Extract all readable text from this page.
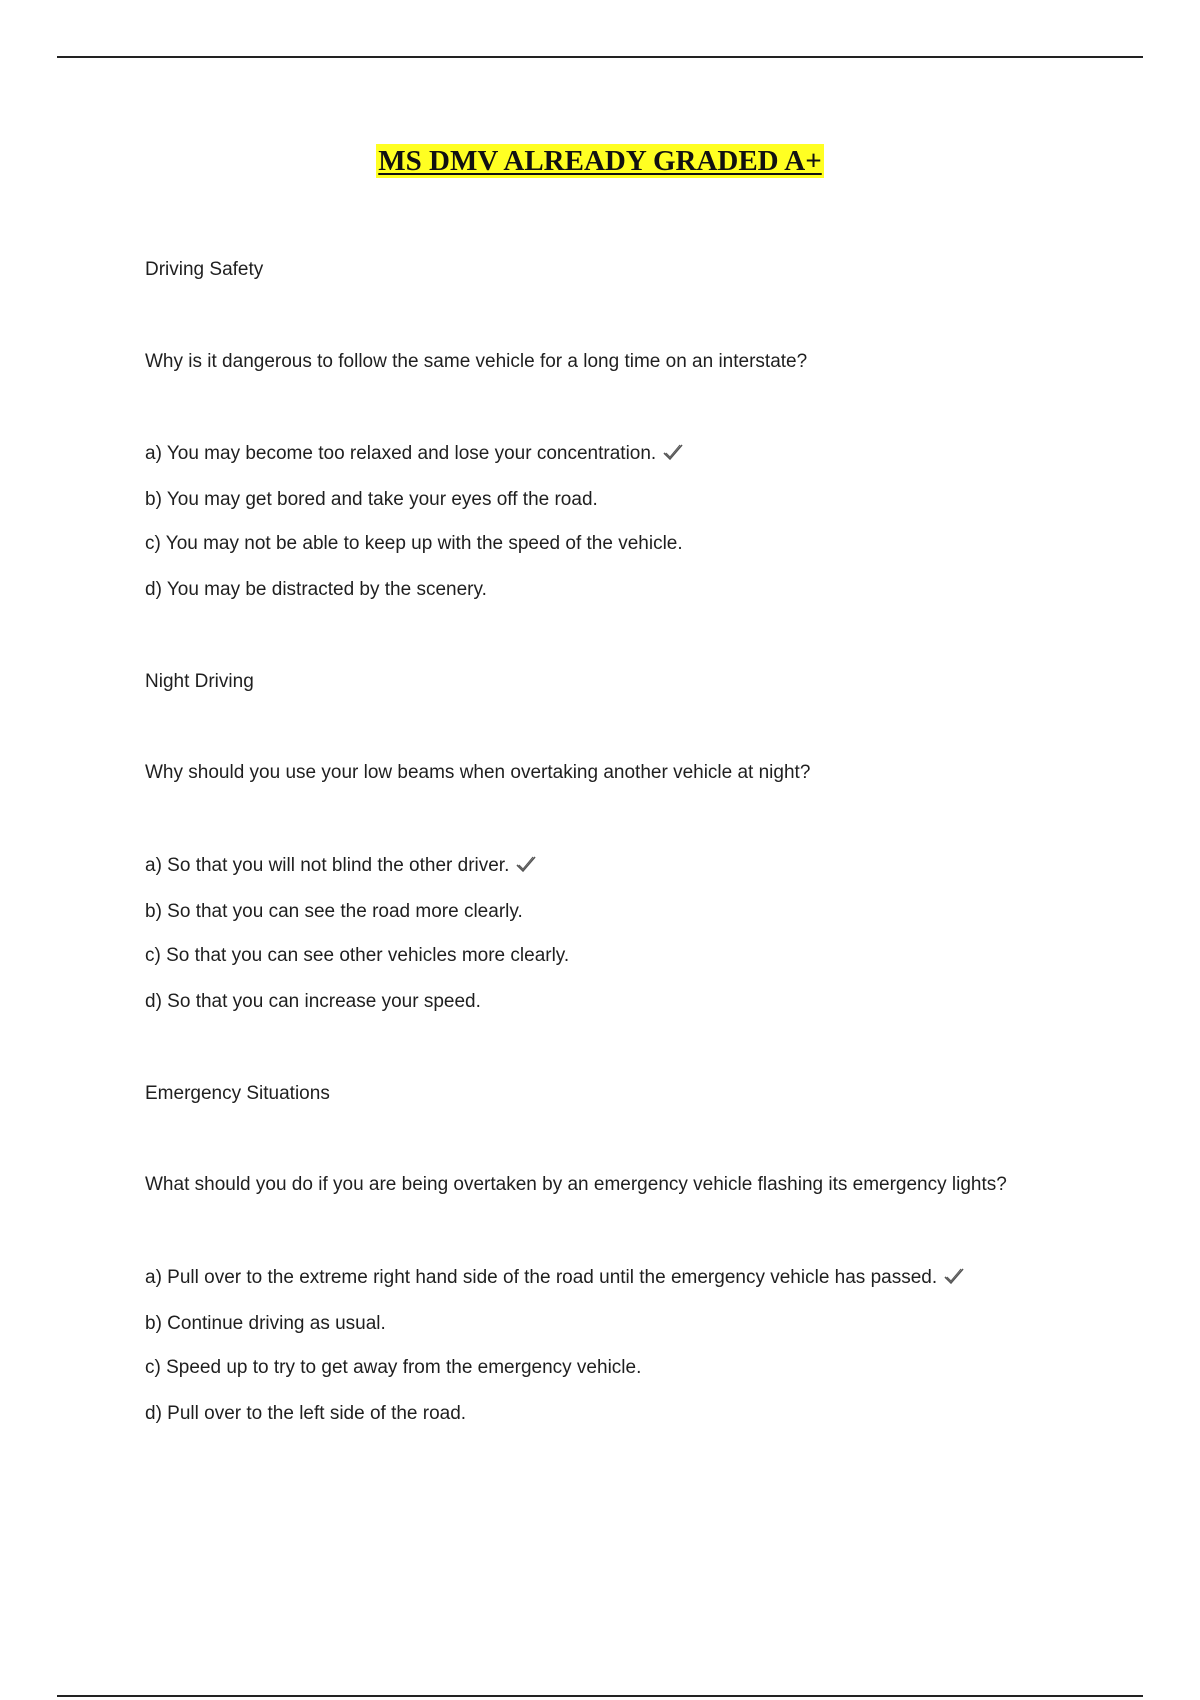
MS DMV ALREADY GRADED A+
Driving Safety
Why is it dangerous to follow the same vehicle for a long time on an interstate?
a) You may become too relaxed and lose your concentration.
b) You may get bored and take your eyes off the road.
c) You may not be able to keep up with the speed of the vehicle.
d) You may be distracted by the scenery.
Night Driving
Why should you use your low beams when overtaking another vehicle at night?
a) So that you will not blind the other driver.
b) So that you can see the road more clearly.
c) So that you can see other vehicles more clearly.
d) So that you can increase your speed.
Emergency Situations
What should you do if you are being overtaken by an emergency vehicle flashing its emergency lights?
a) Pull over to the extreme right hand side of the road until the emergency vehicle has passed.
b) Continue driving as usual.
c) Speed up to try to get away from the emergency vehicle.
d) Pull over to the left side of the road.
